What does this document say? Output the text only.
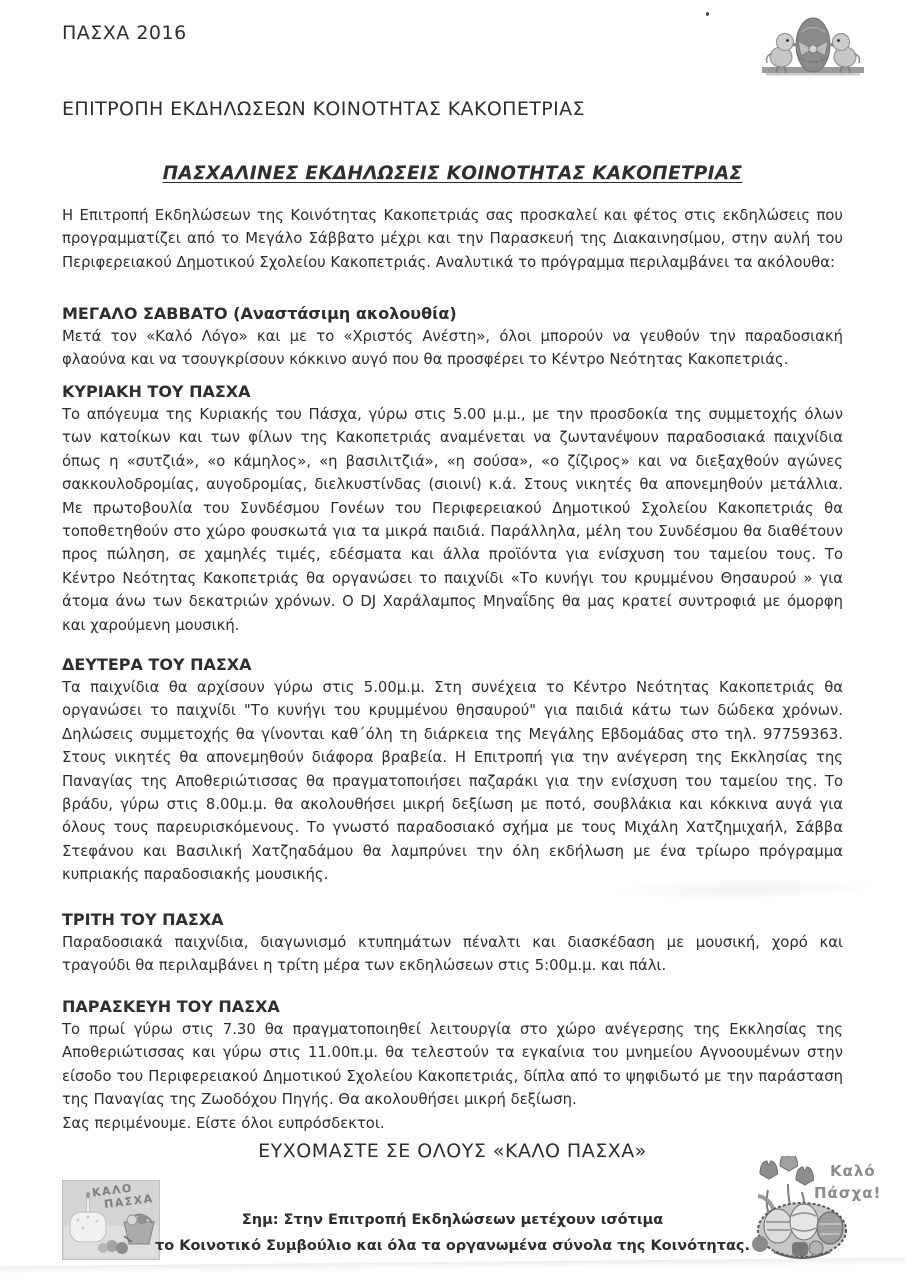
ΠΑΣΧΑ 2016
ΕΠΙΤΡΟΠΗ ΕΚΔΗΛΩΣΕΩΝ ΚΟΙΝΟΤΗΤΑΣ ΚΑΚΟΠΕΤΡΙΑΣ
ΠΑΣΧΑΛΙΝΕΣ ΕΚΔΗΛΩΣΕΙΣ ΚΟΙΝΟΤΗΤΑΣ ΚΑΚΟΠΕΤΡΙΑΣ

Η Επιτροπή Εκδηλώσεων της Κοινότητας Κακοπετριάς σας προσκαλεί και φέτος στις εκδηλώσεις που προγραμματίζει από το Μεγάλο Σάββατο μέχρι και την Παρασκευή της Διακαινησίμου, στην αυλή του Περιφερειακού Δημοτικού Σχολείου Κακοπετριάς. Αναλυτικά το πρόγραμμα περιλαμβάνει τα ακόλουθα:

ΜΕΓΑΛΟ ΣΑΒΒΑΤΟ (Αναστάσιμη ακολουθία)

Μετά τον «Καλό Λόγο» και με το «Χριστός Ανέστη», όλοι μπορούν να γευθούν την παραδοσιακή φλαούνα και να τσουγκρίσουν κόκκινο αυγό που θα προσφέρει το Κέντρο Νεότητας Κακοπετριάς.

ΚΥΡΙΑΚΗ ΤΟΥ ΠΑΣΧΑ

Το απόγευμα της Κυριακής του Πάσχα, γύρω στις 5.00 μ.μ., με την προσδοκία της συμμετοχής όλων των κατοίκων και των φίλων της Κακοπετριάς αναμένεται να ζωντανέψουν παραδοσιακά παιχνίδια όπως η «συτζιά», «ο κάμηλος», «η βασιλιτζιά», «η σούσα», «ο ζίζιρος» και να διεξαχθούν αγώνες σακκουλοδρομίας, αυγοδρομίας, διελκυστίνδας (σιοινί) κ.ά. Στους νικητές θα απονεμηθούν μετάλλια. Με πρωτοβουλία του Συνδέσμου Γονέων του Περιφερειακού Δημοτικού Σχολείου Κακοπετριάς θα τοποθετηθούν στο χώρο φουσκωτά για τα μικρά παιδιά. Παράλληλα, μέλη του Συνδέσμου θα διαθέτουν προς πώληση, σε χαμηλές τιμές, εδέσματα και άλλα προϊόντα για ενίσχυση του ταμείου τους. Το Κέντρο Νεότητας Κακοπετριάς θα οργανώσει το παιχνίδι «Το κυνήγι του κρυμμένου Θησαυρού » για άτομα άνω των δεκατριών χρόνων. Ο DJ Χαράλαμπος Μηναΐδης θα μας κρατεί συντροφιά με όμορφη και χαρούμενη μουσική.

ΔΕΥΤΕΡΑ ΤΟΥ ΠΑΣΧΑ

Τα παιχνίδια θα αρχίσουν γύρω στις 5.00μ.μ. Στη συνέχεια το Κέντρο Νεότητας Κακοπετριάς θα οργανώσει το παιχνίδι "Το κυνήγι του κρυμμένου θησαυρού" για παιδιά κάτω των δώδεκα χρόνων. Δηλώσεις συμμετοχής θα γίνονται καθ΄όλη τη διάρκεια της Μεγάλης Εβδομάδας στο τηλ. 97759363. Στους νικητές θα απονεμηθούν διάφορα βραβεία. Η Επιτροπή για την ανέγερση της Εκκλησίας της Παναγίας της Αποθεριώτισσας θα πραγματοποιήσει παζαράκι για την ενίσχυση του ταμείου της. Το βράδυ, γύρω στις 8.00μ.μ. θα ακολουθήσει μικρή δεξίωση με ποτό, σουβλάκια και κόκκινα αυγά για όλους τους παρευρισκόμενους. Το γνωστό παραδοσιακό σχήμα με τους Μιχάλη Χατζημιχαήλ, Σάββα Στεφάνου και Βασιλική Χατζηαδάμου θα λαμπρύνει την όλη εκδήλωση με ένα τρίωρο πρόγραμμα κυπριακής παραδοσιακής μουσικής.

ΤΡΙΤΗ ΤΟΥ ΠΑΣΧΑ

Παραδοσιακά παιχνίδια, διαγωνισμό κτυπημάτων πέναλτι και διασκέδαση με μουσική, χορό και τραγούδι θα περιλαμβάνει η τρίτη μέρα των εκδηλώσεων στις 5:00μ.μ. και πάλι.

ΠΑΡΑΣΚΕΥΗ ΤΟΥ ΠΑΣΧΑ

Το πρωί γύρω στις 7.30 θα πραγματοποιηθεί λειτουργία στο χώρο ανέγερσης της Εκκλησίας της Αποθεριώτισσας και γύρω στις 11.00π.μ. θα τελεστούν τα εγκαίνια του μνημείου Αγνοουμένων στην είσοδο του Περιφερειακού Δημοτικού Σχολείου Κακοπετριάς, δίπλα από το ψηφιδωτό με την παράσταση της Παναγίας της Ζωοδόχου Πηγής. Θα ακολουθήσει μικρή δεξίωση.

Σας περιμένουμε. Είστε όλοι ευπρόσδεκτοι.

ΕΥΧΟΜΑΣΤΕ ΣΕ ΟΛΟΥΣ «ΚΑΛΟ ΠΑΣΧΑ»
ΚΑΛΟ
ΠΑΣΧΑ
Σημ: Στην Επιτροπή Εκδηλώσεων μετέχουν ισότιμα
το Κοινοτικό Συμβούλιο και όλα τα οργανωμένα σύνολα της Κοινότητας.
Καλό
Πάσχα!
